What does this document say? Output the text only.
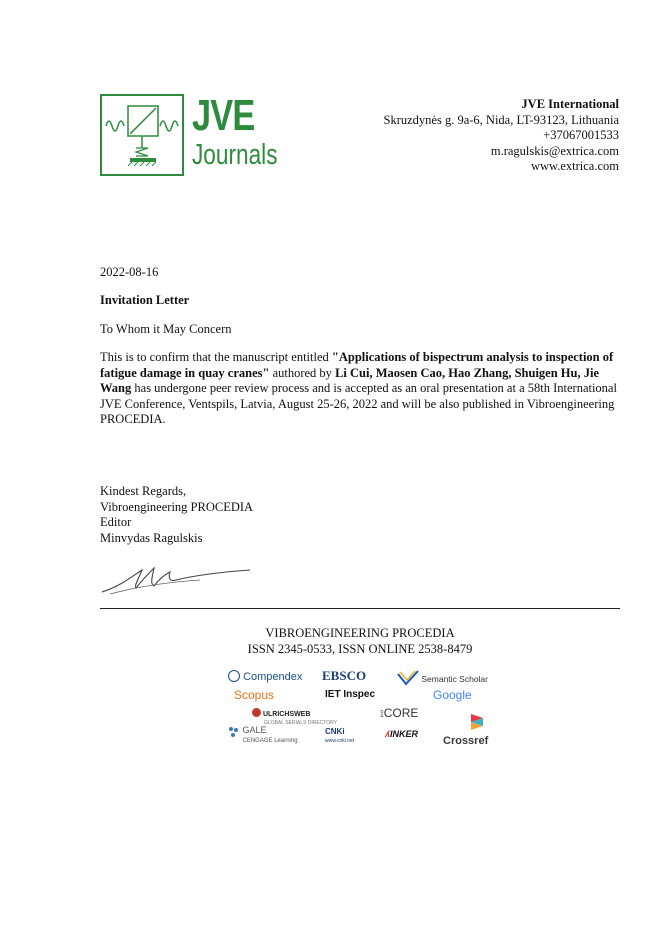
JVE
Journals
JVE International
Skruzdynės g. 9a-6, Nida, LT-93123, Lithuania
+37067001533
m.ragulskis@extrica.com
www.extrica.com
2022-08-16
Invitation Letter
To Whom it May Concern
This is to confirm that the manuscript entitled "Applications of bispectrum analysis to inspection of fatigue damage in quay cranes" authored by Li Cui, Maosen Cao, Hao Zhang, Shuigen Hu, Jie Wang has undergone peer review process and is accepted as an oral presentation at a 58th International JVE Conference, Ventspils, Latvia, August 25-26, 2022 and will be also published in Vibroengineering PROCEDIA.
Kindest Regards,
Vibroengineering PROCEDIA
Editor
Minvydas Ragulskis
VIBROENGINEERING PROCEDIA
ISSN 2345-0533, ISSN ONLINE 2538-8479
Compendex EBSCO	Semantic Scholar
Scopus	IET Inspec	Google
ULRICHSWEB
GLOBAL SERIALS DIRECTORY
⟟CORE
GALE
CENGAGE Learning
CNKi
www.cnki.net
ʎINKER
Crossref
